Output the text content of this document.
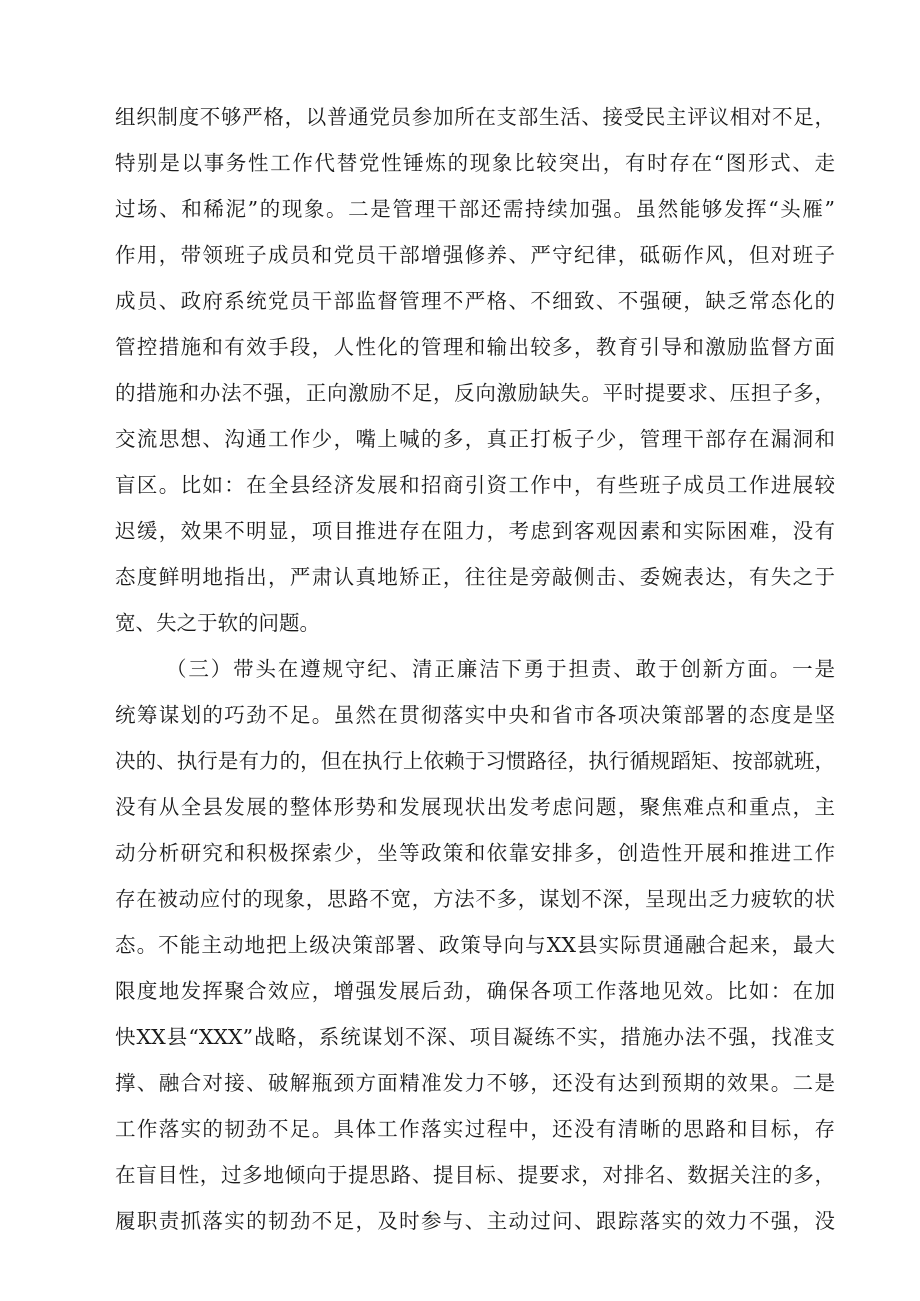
组织制度不够严格，以普通党员参加所在支部生活、接受民主评议相对不足，
特别是以事务性工作代替党性锤炼的现象比较突出，有时存在“图形式、走
过场、和稀泥”的现象。二是管理干部还需持续加强。虽然能够发挥“头雁”
作用，带领班子成员和党员干部增强修养、严守纪律，砥砺作风，但对班子
成员、政府系统党员干部监督管理不严格、不细致、不强硬，缺乏常态化的
管控措施和有效手段，人性化的管理和输出较多，教育引导和激励监督方面
的措施和办法不强，正向激励不足，反向激励缺失。平时提要求、压担子多，
交流思想、沟通工作少，嘴上喊的多，真正打板子少，管理干部存在漏洞和
盲区。比如：在全县经济发展和招商引资工作中，有些班子成员工作进展较
迟缓，效果不明显，项目推进存在阻力，考虑到客观因素和实际困难，没有
态度鲜明地指出，严肃认真地矫正，往往是旁敲侧击、委婉表达，有失之于
宽、失之于软的问题。
（三）带头在遵规守纪、清正廉洁下勇于担责、敢于创新方面。一是
统筹谋划的巧劲不足。虽然在贯彻落实中央和省市各项决策部署的态度是坚
决的、执行是有力的，但在执行上依赖于习惯路径，执行循规蹈矩、按部就班，
没有从全县发展的整体形势和发展现状出发考虑问题，聚焦难点和重点，主
动分析研究和积极探索少，坐等政策和依靠安排多，创造性开展和推进工作
存在被动应付的现象，思路不宽，方法不多，谋划不深，呈现出乏力疲软的状
态。不能主动地把上级决策部署、政策导向与XX县实际贯通融合起来，最大
限度地发挥聚合效应，增强发展后劲，确保各项工作落地见效。比如：在加
快XX县“XXX”战略，系统谋划不深、项目凝练不实，措施办法不强，找准支
撑、融合对接、破解瓶颈方面精准发力不够，还没有达到预期的效果。二是
工作落实的韧劲不足。具体工作落实过程中，还没有清晰的思路和目标，存
在盲目性，过多地倾向于提思路、提目标、提要求，对排名、数据关注的多，
履职责抓落实的韧劲不足，及时参与、主动过问、跟踪落实的效力不强，没
